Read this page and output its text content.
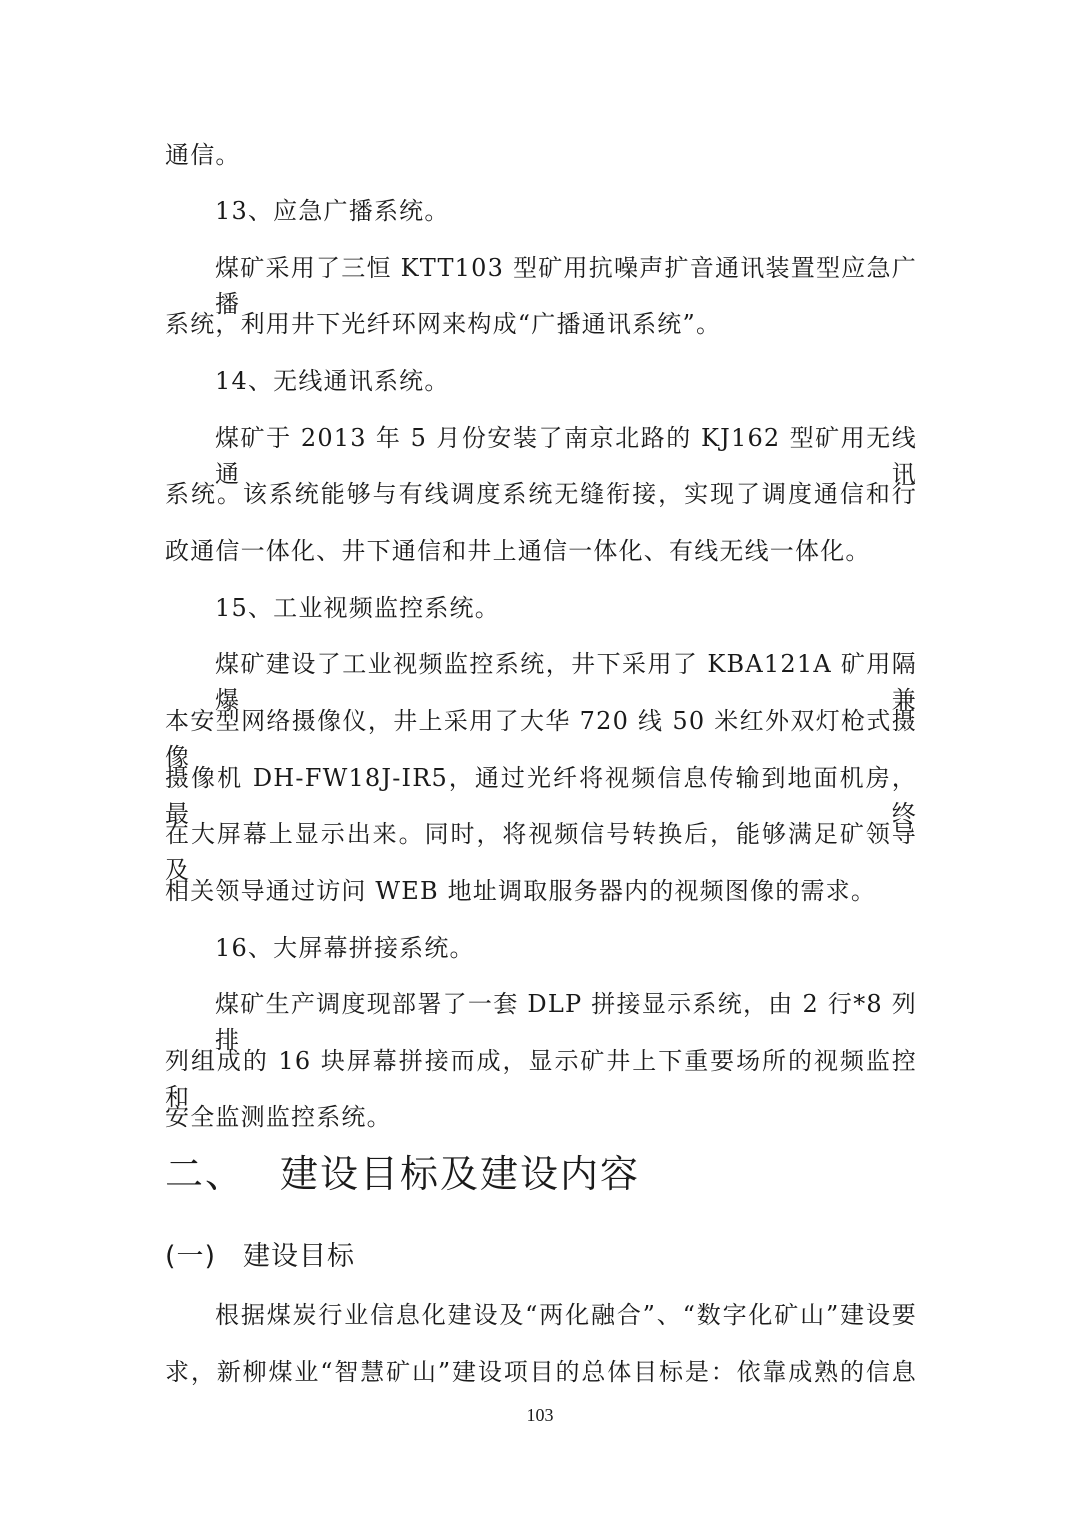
通信。
13、应急广播系统。
煤矿采用了三恒 KTT103 型矿用抗噪声扩音通讯装置型应急广播
系统，利用井下光纤环网来构成“广播通讯系统”。
14、无线通讯系统。
煤矿于 2013 年 5 月份安装了南京北路的 KJ162 型矿用无线通讯
系统。该系统能够与有线调度系统无缝衔接，实现了调度通信和行
政通信一体化、井下通信和井上通信一体化、有线无线一体化。
15、工业视频监控系统。
煤矿建设了工业视频监控系统，井下采用了 KBA121A 矿用隔爆兼
本安型网络摄像仪，井上采用了大华 720 线 50 米红外双灯枪式摄像
摄像机 DH-FW18J-IR5，通过光纤将视频信息传输到地面机房，最终
在大屏幕上显示出来。同时，将视频信号转换后，能够满足矿领导及
相关领导通过访问 WEB 地址调取服务器内的视频图像的需求。
16、大屏幕拼接系统。
煤矿生产调度现部署了一套 DLP 拼接显示系统，由 2 行*8 列排
列组成的 16 块屏幕拼接而成，显示矿井上下重要场所的视频监控和
安全监测监控系统。
二、 建设目标及建设内容
(一) 建设目标
根据煤炭行业信息化建设及“两化融合”、“数字化矿山”建设要
求，新柳煤业“智慧矿山”建设项目的总体目标是：依靠成熟的信息
103
